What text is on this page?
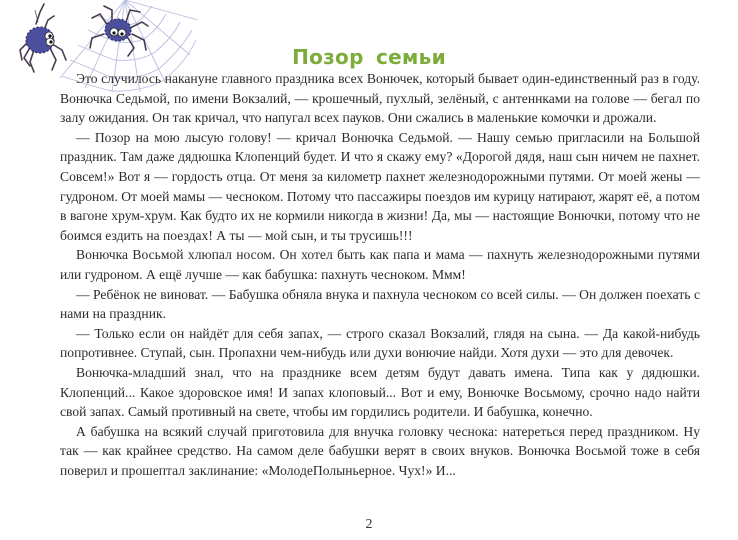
Позор семьи

Это случилось накануне главного праздника всех Вонючек, который бывает один-единственный раз в году. Вонючка Седьмой, по имени Вокзалий, — крошечный, пухлый, зелёный, с антеннками на голове — бегал по залу ожидания. Он так кричал, что напугал всех пауков. Они сжались в маленькие комочки и дрожали.

— Позор на мою лысую голову! — кричал Вонючка Седьмой. — Нашу семью пригласили на Большой праздник. Там даже дядюшка Клопенций будет. И что я скажу ему? «Дорогой дядя, наш сын ничем не пахнет. Совсем!» Вот я — гордость отца. От меня за километр пахнет железнодорожными путями. От моей жены — гудроном. От моей мамы — чесноком. Потому что пассажиры поездов им курицу натирают, жарят её, а потом в вагоне хрум-хрум. Как будто их не кормили никогда в жизни! Да, мы — настоящие Вонючки, потому что не боимся ездить на поездах! А ты — мой сын, и ты трусишь!!!

Вонючка Восьмой хлюпал носом. Он хотел быть как папа и мама — пахнуть железнодорожными путями или гудроном. А ещё лучше — как бабушка: пахнуть чесноком. Ммм!

— Ребёнок не виноват. — Бабушка обняла внука и пахнула чесноком со всей силы. — Он должен поехать с нами на праздник.

— Только если он найдёт для себя запах, — строго сказал Вокзалий, глядя на сына. — Да какой-нибудь попротивнее. Ступай, сын. Пропахни чем-нибудь или духи вонючие найди. Хотя духи — это для девочек.

Вонючка-младший знал, что на празднике всем детям будут давать имена. Типа как у дядюшки. Клопенций... Какое здоровское имя! И запах клоповый... Вот и ему, Вонючке Восьмому, срочно надо найти свой запах. Самый противный на свете, чтобы им гордились родители. И бабушка, конечно.

А бабушка на всякий случай приготовила для внучка головку чеснока: натереться перед праздником. Ну так — как крайнее средство. На самом деле бабушки верят в своих внуков. Вонючка Восьмой тоже в себя поверил и прошептал заклинание: «МолодеПолыньерное. Чух!» И...

2
